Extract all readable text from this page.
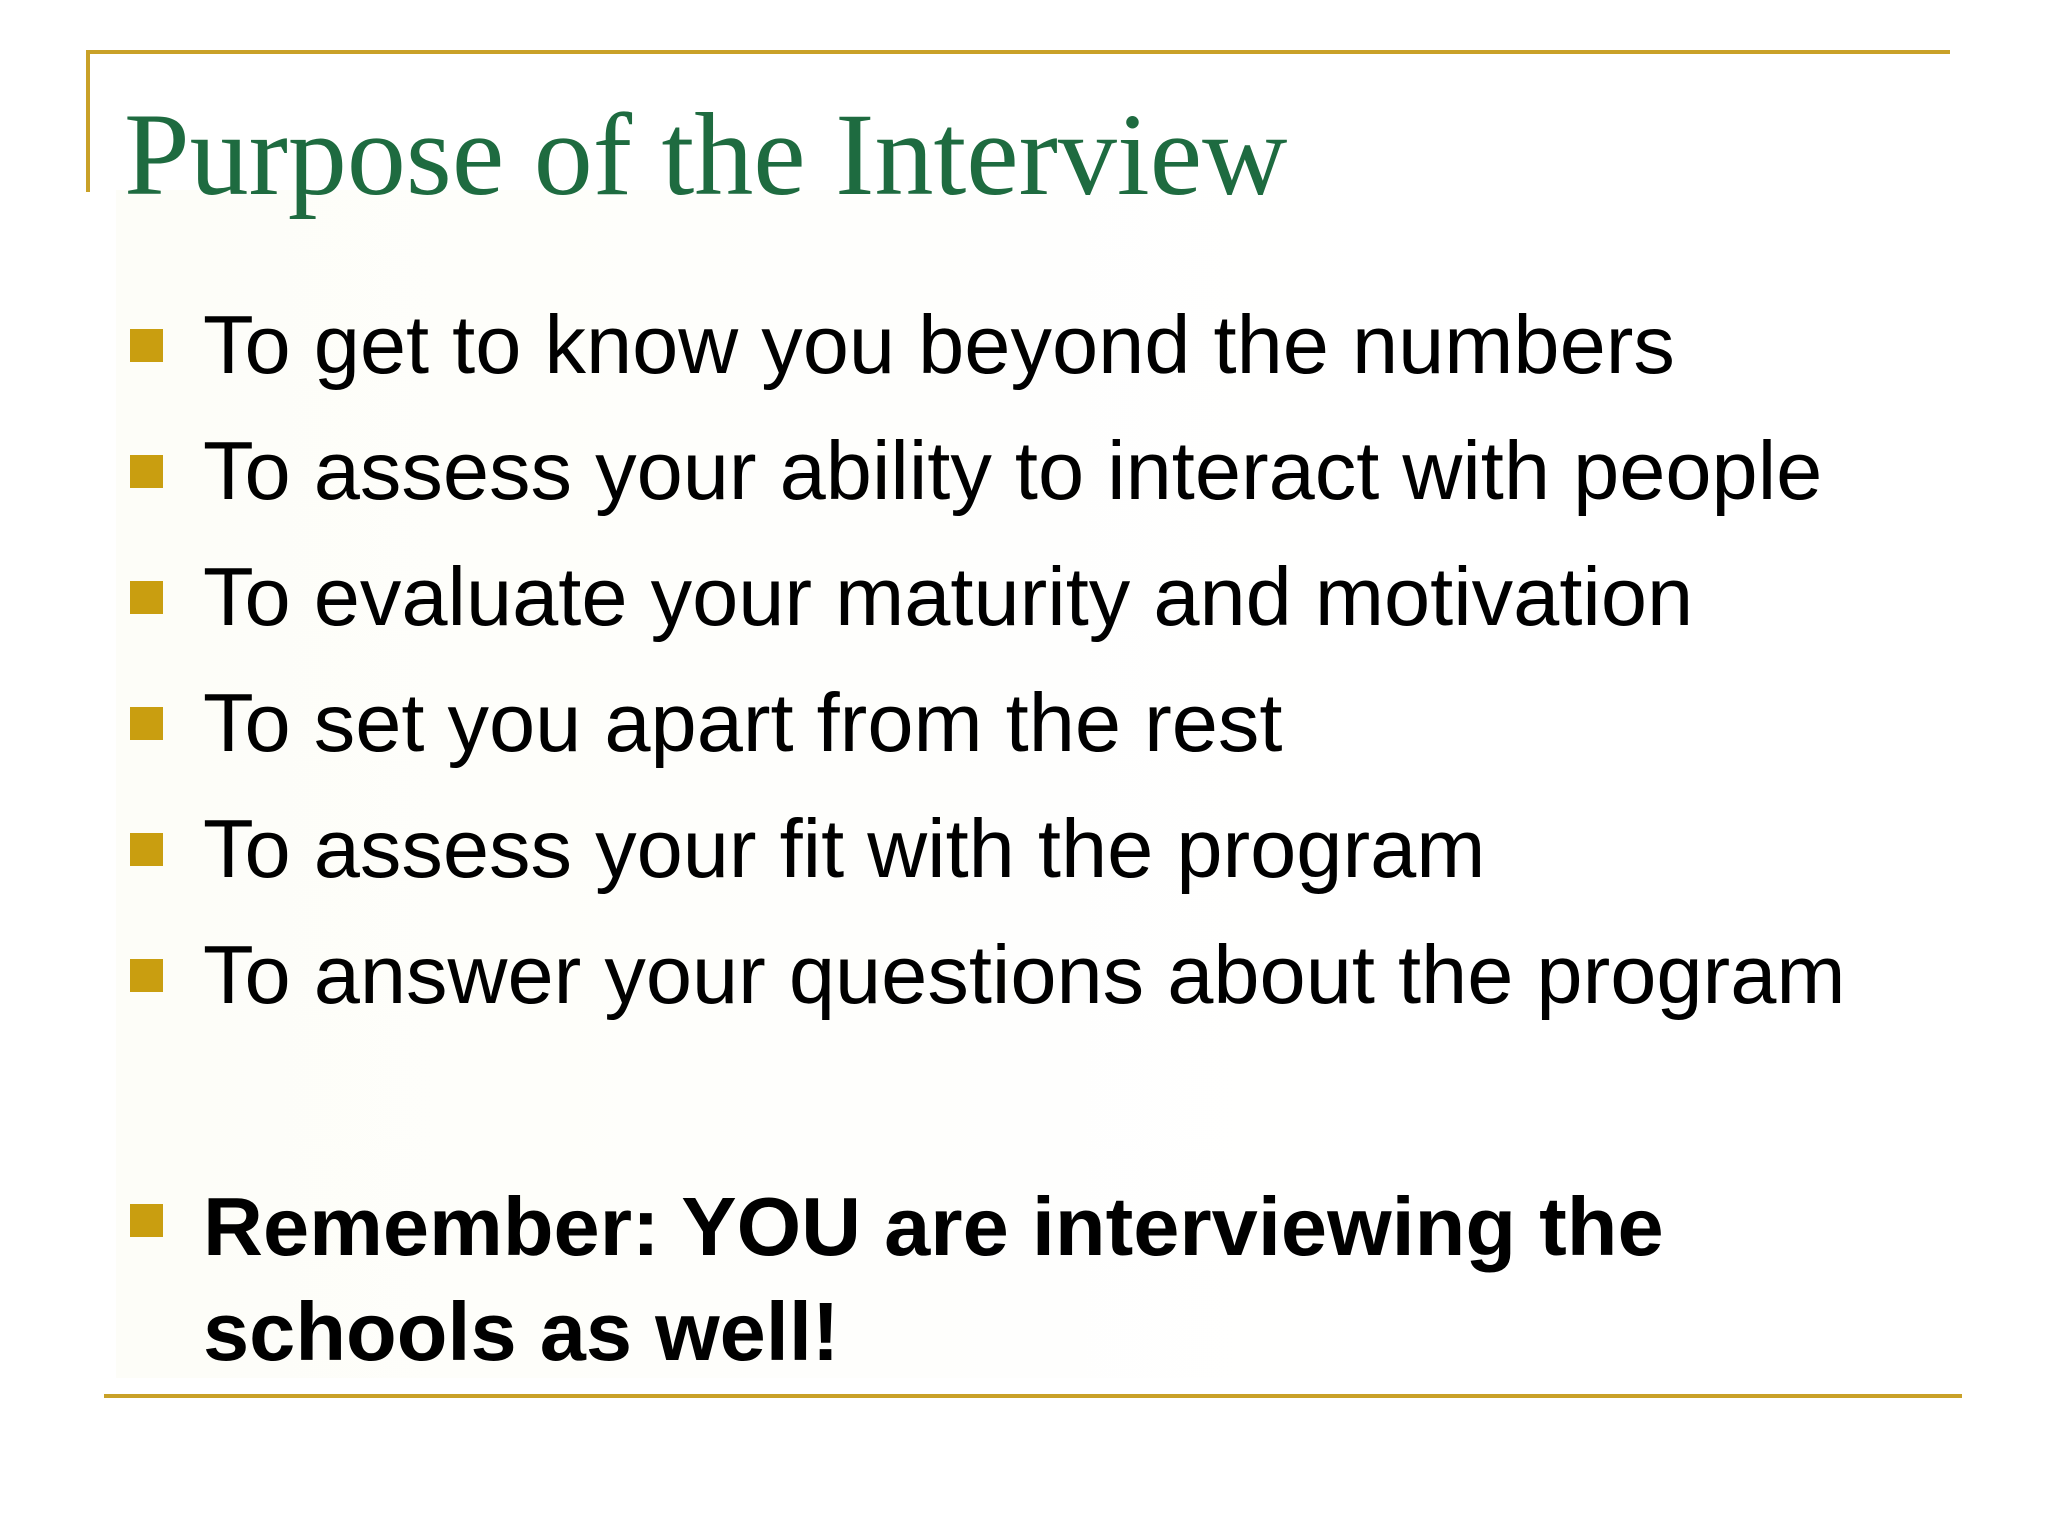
Purpose of the Interview
To get to know you beyond the numbers
To assess your ability to interact with people
To evaluate your maturity and motivation
To set you apart from the rest
To assess your fit with the program
To answer your questions about the program
Remember: YOU are interviewing the schools as well!
